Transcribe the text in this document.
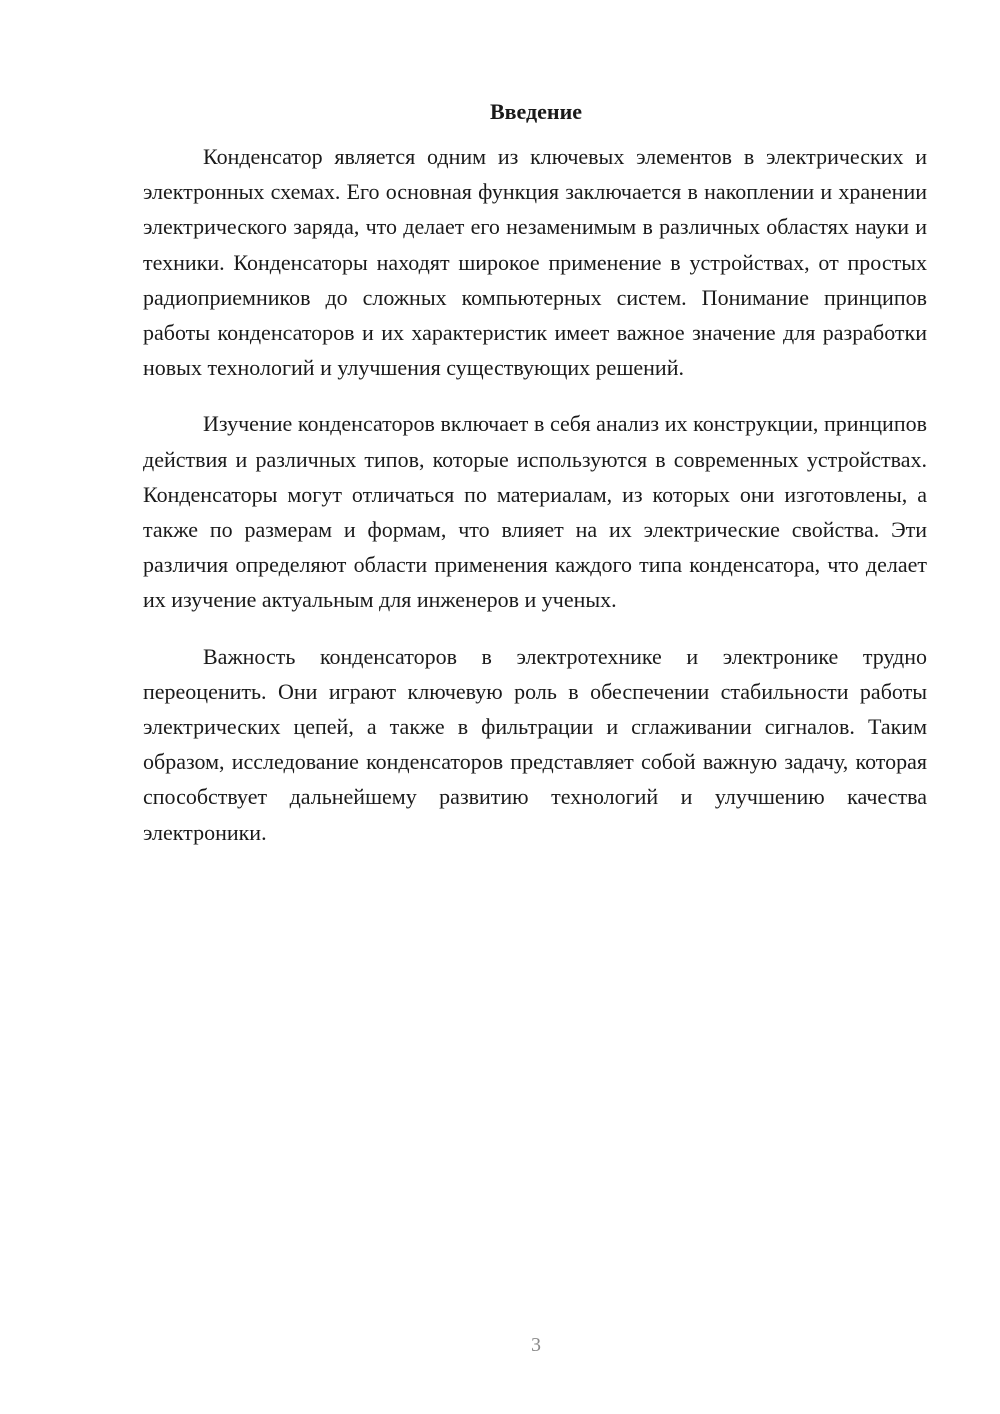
Введение

Конденсатор является одним из ключевых элементов в электрических и электронных схемах. Его основная функция заключается в накоплении и хранении электрического заряда, что делает его незаменимым в различных областях науки и техники. Конденсаторы находят широкое применение в устройствах, от простых радиоприемников до сложных компьютерных систем. Понимание принципов работы конденсаторов и их характеристик имеет важное значение для разработки новых технологий и улучшения существующих решений.

Изучение конденсаторов включает в себя анализ их конструкции, принципов действия и различных типов, которые используются в современных устройствах. Конденсаторы могут отличаться по материалам, из которых они изготовлены, а также по размерам и формам, что влияет на их электрические свойства. Эти различия определяют области применения каждого типа конденсатора, что делает их изучение актуальным для инженеров и ученых.

Важность конденсаторов в электротехнике и электронике трудно переоценить. Они играют ключевую роль в обеспечении стабильности работы электрических цепей, а также в фильтрации и сглаживании сигналов. Таким образом, исследование конденсаторов представляет собой важную задачу, которая способствует дальнейшему развитию технологий и улучшению качества электроники.

3
